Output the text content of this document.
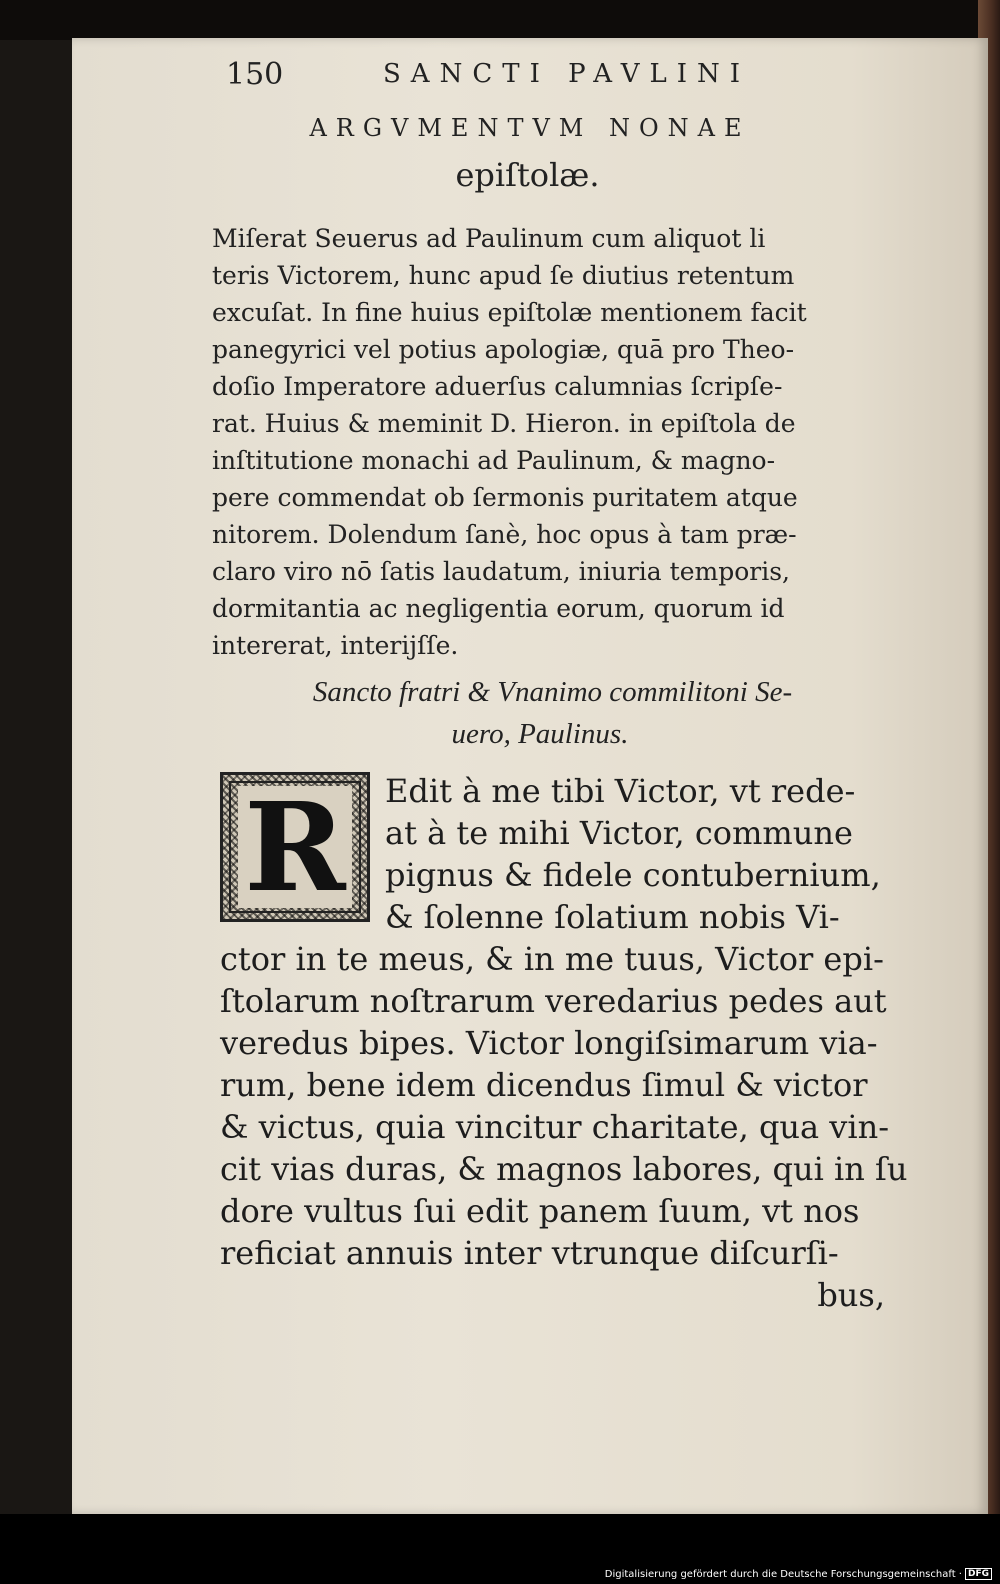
150	SANCTI PAVLINI
ARGVMENTVM NONAE
epiſtolæ.
Miſerat Seuerus ad Paulinum cum aliquot li
teris Victorem, hunc apud ſe diutius retentum
excuſat. In fine huius epiſtolæ mentionem facit
panegyrici vel potius apologiæ, quā pro Theo-
doſio Imperatore aduerſus calumnias ſcripſe-
rat. Huius & meminit D. Hieron. in epiſtola de
inſtitutione monachi ad Paulinum, & magno-
pere commendat ob ſermonis puritatem atque
nitorem. Dolendum ſanè, hoc opus à tam præ-
claro viro nō ſatis laudatum, iniuria temporis,
dormitantia ac negligentia eorum, quorum id
intererat, interijſſe.
Sancto fratri & Vnanimo commilitoni Se-
uero, Paulinus.
Edit à me tibi Victor, vt rede-
at à te mihi Victor, commune
pignus & fidele contubernium,
& ſolenne ſolatium nobis Vi-
ctor in te meus, & in me tuus, Victor epi-
ſtolarum noſtrarum veredarius pedes aut
veredus bipes. Victor longiſsimarum via-
rum, bene idem dicendus ſimul & victor
& victus, quia vincitur charitate, qua vin-
cit vias duras, & magnos labores, qui in ſu
dore vultus ſui edit panem ſuum, vt nos
reficiat annuis inter vtrunque diſcurſi-
bus,
R
Digitalisierung gefördert durch die Deutsche Forschungsgemeinschaft · DFG
